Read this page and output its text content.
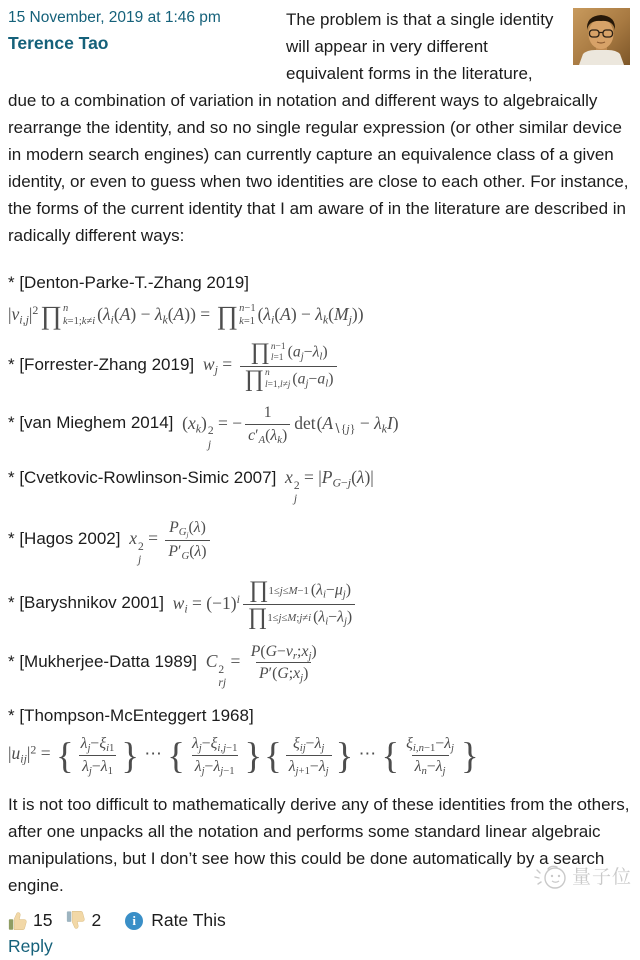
15 November, 2019 at 1:46 pm
Terence Tao

The problem is that a single identity will appear in very different equivalent forms in the literature, due to a combination of variation in notation and different ways to algebraically rearrange the identity, and so no single regular expression (or other similar device in modern search engines) can currently capture an equivalence class of a given identity, or even to guess when two identities are close to each other. For instance, the forms of the current identity that I am aware of in the literature are described in radically different ways:

* [Denton-Parke-T.-Zhang 2019]
$|vi,j|^2$ ∏ n
k=1;k≠i (λi(A) − λk(A)) = ∏ n−1
k=1 (λi(A) − λk(Mj))
* [Forrester-Zhang 2019] wj = ∏ n−1
l=1 (aj−λl)
∏ n
l=1,l≠j (aj−al)
* [van Mieghem 2014] (xk) 2
j
= − $\frac{1}{c'A(\lambda k)}$ det(A∖{j} − λkI)
* [Cvetkovic-Rowlinson-Simic 2007] x 2
j
= |PG−j(λ)|
* [Hagos 2002] x 2
j
= $\frac{\text{PGj(λ)}}{P'G(\lambda)}$
* [Baryshnikov 2001] wi = $(-1)^i \frac{\prod 1\le j\le M-1 (\lambda i-\mu j)}{\prod 1\le j\le M;j\ne i (\lambda i-\lambda j)}$
* [Mukherjee-Datta 1989] C 2
rj
= $\frac{P(G-vr;xj)}{P'(G;xj)}$
* [Thompson-McEnteggert 1968]
$|uij|^2$ = { $\frac{\lambda j-\xi i1}{\lambda j-\lambda 1}$ } ⋯ { $\frac{\lambda j-\xi i,j-1}{\lambda j-\lambda j-1}$ }{ $\frac{\text{ξij−λj}}{\lambda j+1-\lambda j}$ } ⋯ { $\frac{\xi i,n-1-\lambda j}{\lambda n-\lambda j}$ }

It is not too difficult to mathematically derive any of these identities from the others, after one unpacks all the notation and performs some standard linear algebraic manipulations, but I don’t see how this could be done automatically by a search engine.

15 2	i Rate This
Reply
量子位
